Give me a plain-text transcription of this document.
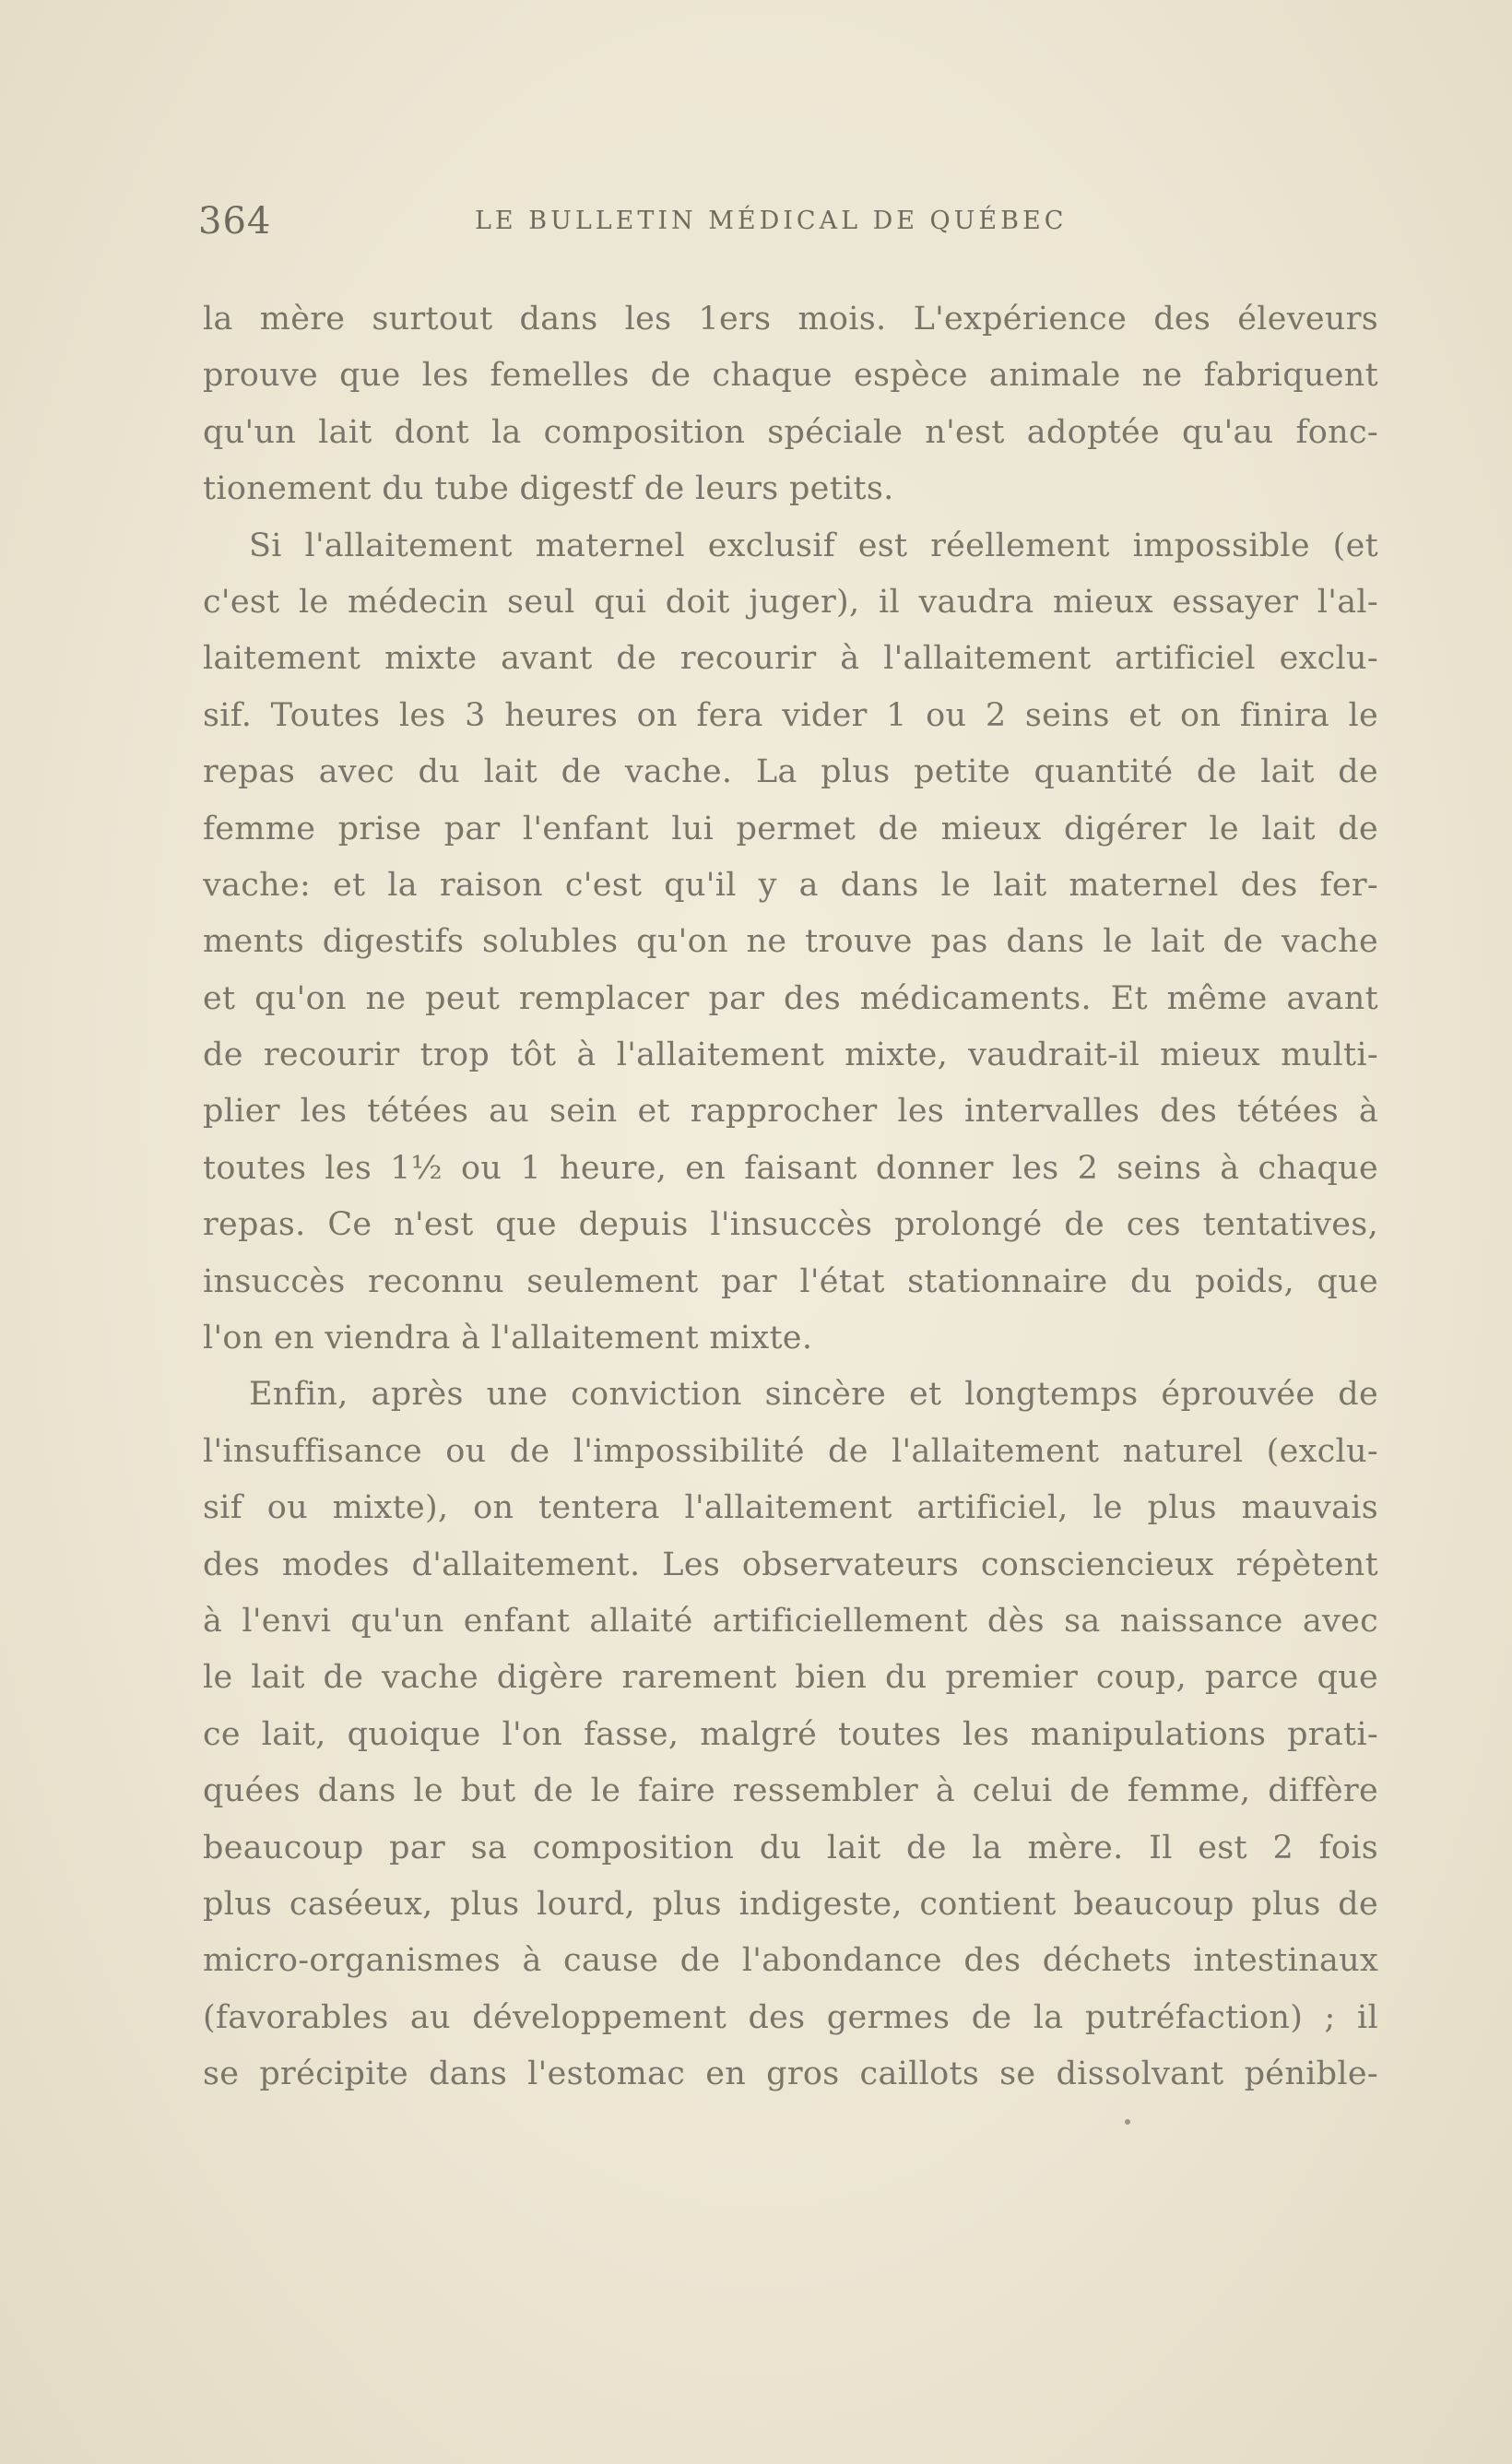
364	LE BULLETIN MÉDICAL DE QUÉBEC
la mère surtout dans les 1ers mois. L'expérience des éleveurs
prouve que les femelles de chaque espèce animale ne fabriquent
qu'un lait dont la composition spéciale n'est adoptée qu'au fonc-
tionement du tube digestf de leurs petits.
Si l'allaitement maternel exclusif est réellement impossible (et
c'est le médecin seul qui doit juger), il vaudra mieux essayer l'al-
laitement mixte avant de recourir à l'allaitement artificiel exclu-
sif. Toutes les 3 heures on fera vider 1 ou 2 seins et on finira le
repas avec du lait de vache. La plus petite quantité de lait de
femme prise par l'enfant lui permet de mieux digérer le lait de
vache: et la raison c'est qu'il y a dans le lait maternel des fer-
ments digestifs solubles qu'on ne trouve pas dans le lait de vache
et qu'on ne peut remplacer par des médicaments. Et même avant
de recourir trop tôt à l'allaitement mixte, vaudrait-il mieux multi-
plier les tétées au sein et rapprocher les intervalles des tétées à
toutes les 1½ ou 1 heure, en faisant donner les 2 seins à chaque
repas. Ce n'est que depuis l'insuccès prolongé de ces tentatives,
insuccès reconnu seulement par l'état stationnaire du poids, que
l'on en viendra à l'allaitement mixte.
Enfin, après une conviction sincère et longtemps éprouvée de
l'insuffisance ou de l'impossibilité de l'allaitement naturel (exclu-
sif ou mixte), on tentera l'allaitement artificiel, le plus mauvais
des modes d'allaitement. Les observateurs consciencieux répètent
à l'envi qu'un enfant allaité artificiellement dès sa naissance avec
le lait de vache digère rarement bien du premier coup, parce que
ce lait, quoique l'on fasse, malgré toutes les manipulations prati-
quées dans le but de le faire ressembler à celui de femme, diffère
beaucoup par sa composition du lait de la mère. Il est 2 fois
plus caséeux, plus lourd, plus indigeste, contient beaucoup plus de
micro-organismes à cause de l'abondance des déchets intestinaux
(favorables au développement des germes de la putréfaction) ; il
se précipite dans l'estomac en gros caillots se dissolvant pénible-
